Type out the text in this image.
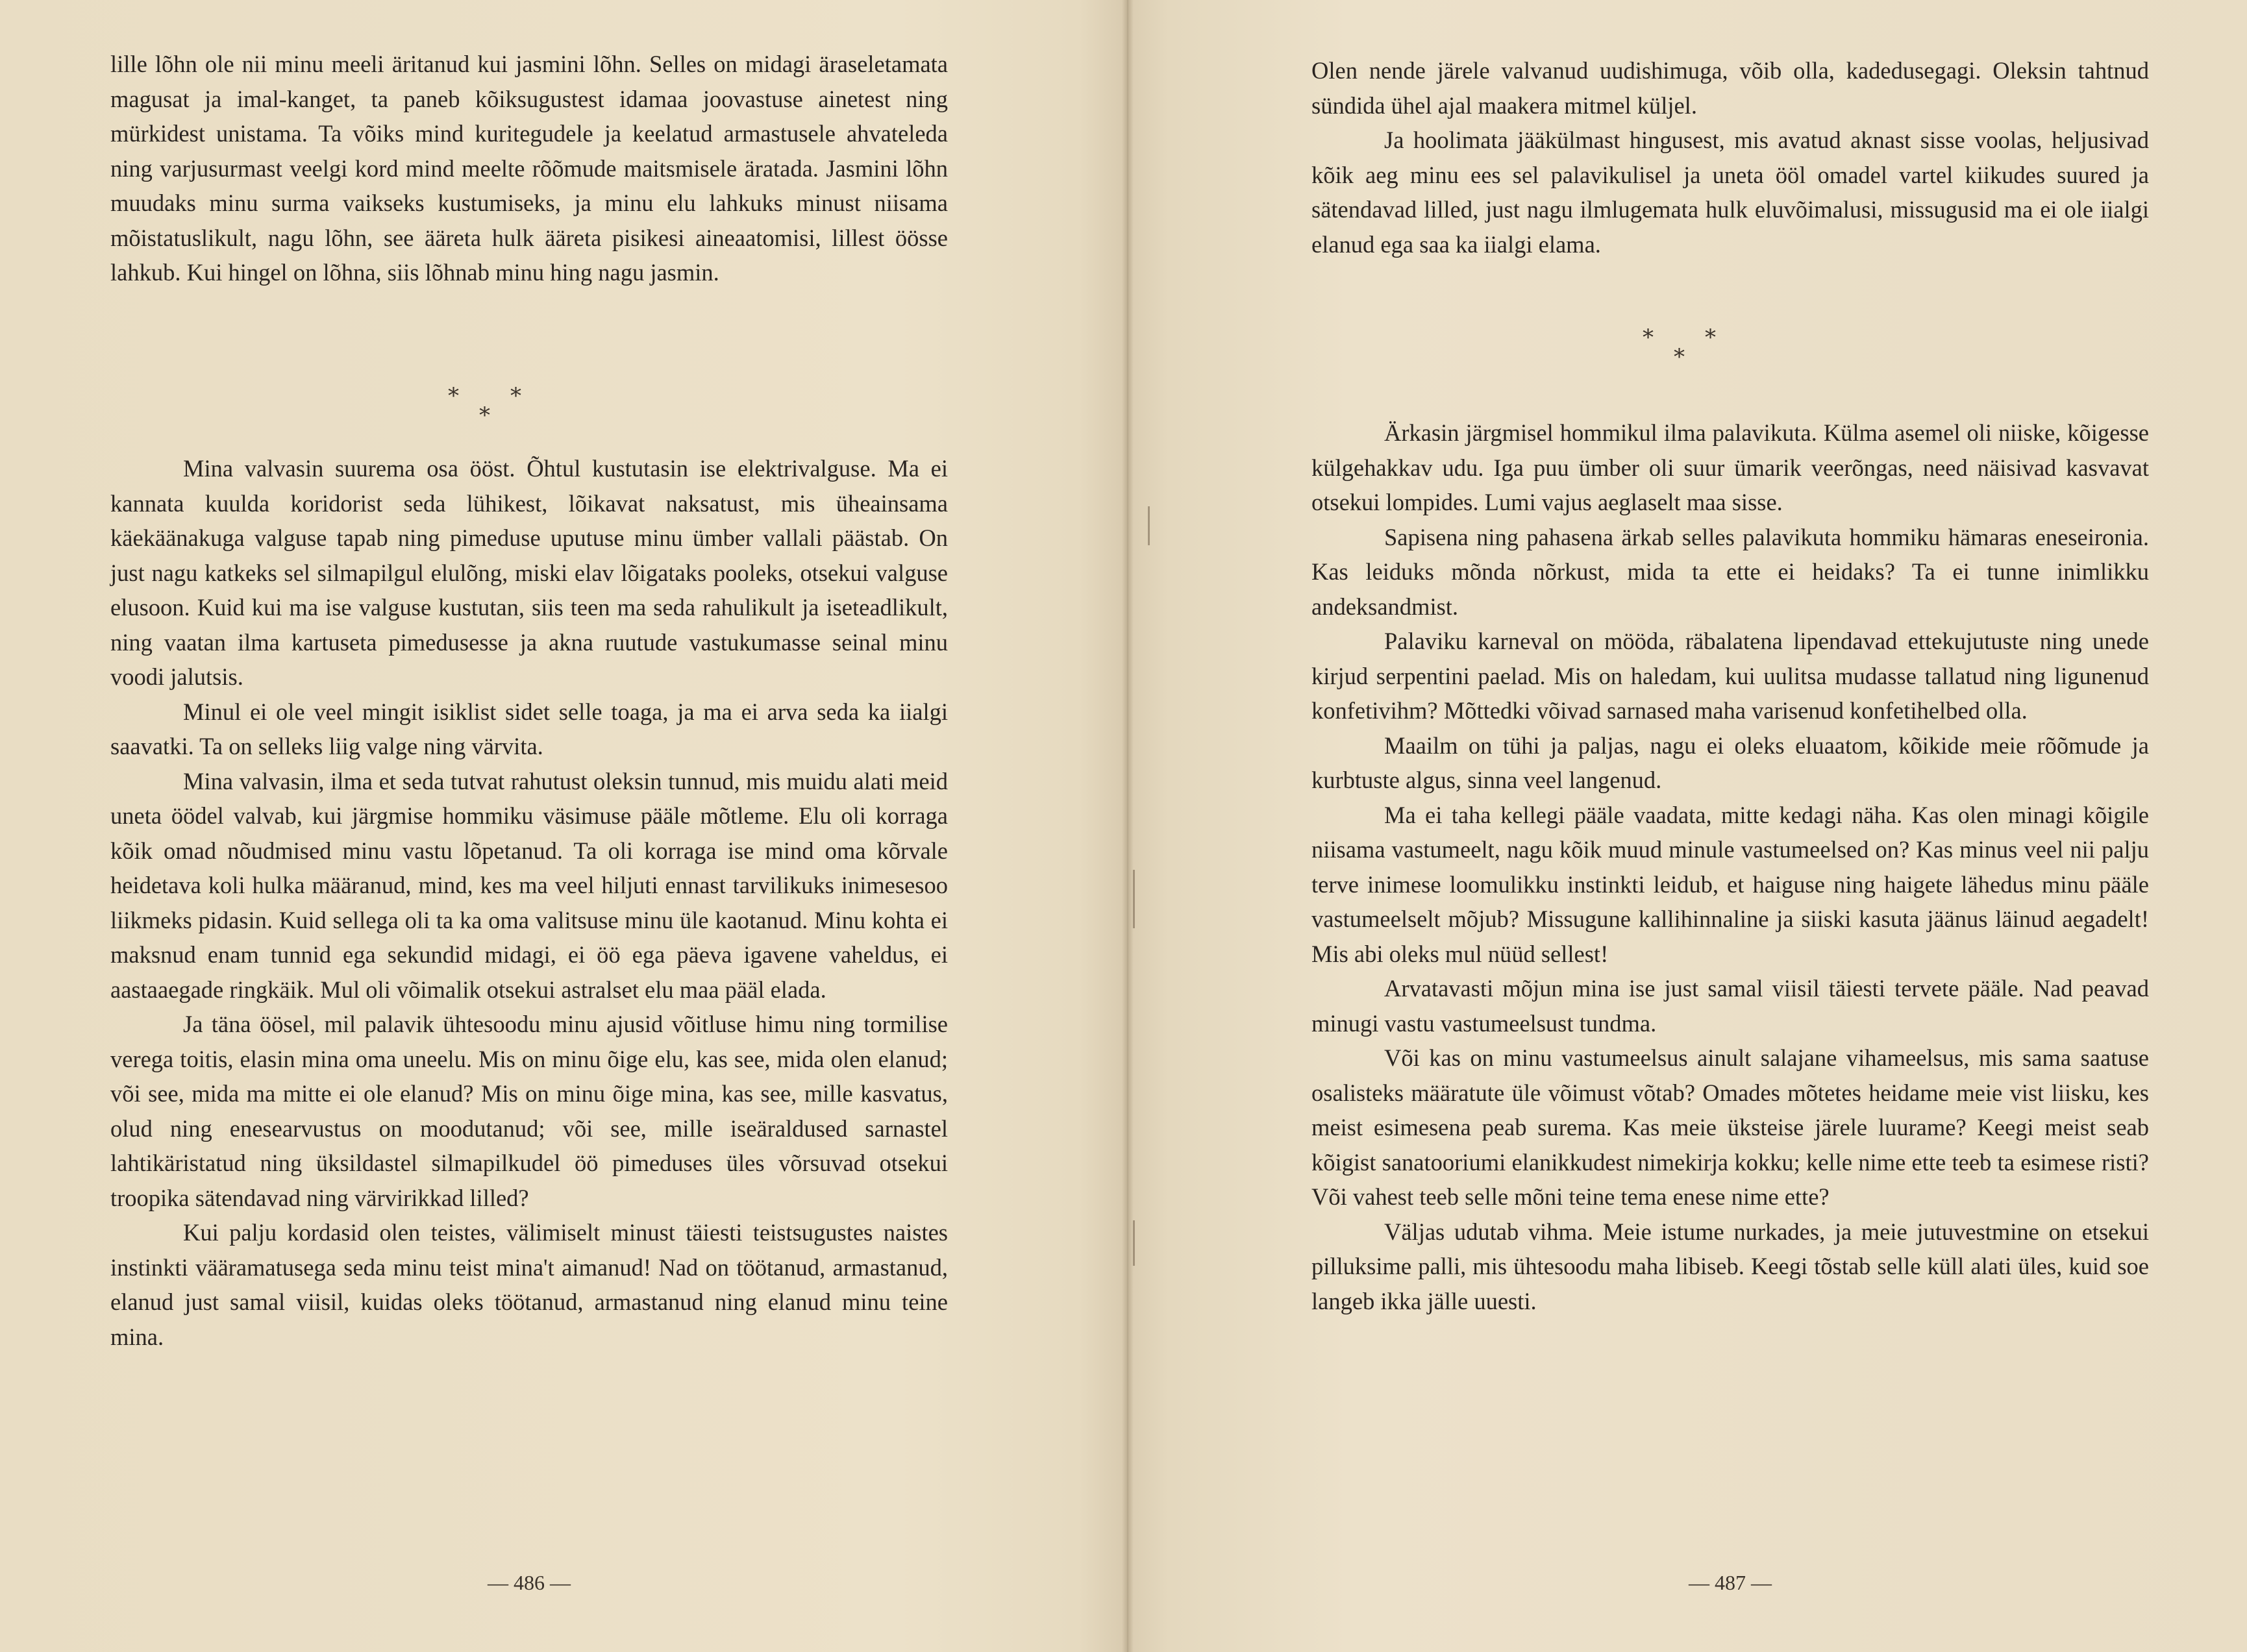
lille lõhn ole nii minu meeli äritanud kui jasmini lõhn. Selles on midagi äraseletamata magusat ja imal-kanget, ta paneb kõiksugustest idamaa joovastuse ainetest ning mürkidest unistama. Ta võiks mind kuritegudele ja keelatud armastusele ahvateleda ning varjusurmast veelgi kord mind meelte rõõmude maitsmisele äratada. Jasmini lõhn muudaks minu surma vaikseks kustumiseks, ja minu elu lahkuks minust niisama mõistatuslikult, nagu lõhn, see ääreta hulk ääreta pisikesi aineaatomisi, lillest öösse lahkub. Kui hingel on lõhna, siis lõhnab minu hing nagu jasmin.

* *
*

Mina valvasin suurema osa ööst. Õhtul kustutasin ise elektrivalguse. Ma ei kannata kuulda koridorist seda lühikest, lõikavat naksatust, mis üheainsama käekäänakuga valguse tapab ning pimeduse uputuse minu ümber vallali päästab. On just nagu katkeks sel silmapilgul elulõng, miski elav lõigataks pooleks, otsekui valguse elusoon. Kuid kui ma ise valguse kustutan, siis teen ma seda rahulikult ja iseteadlikult, ning vaatan ilma kartuseta pimedusesse ja akna ruutude vastukumasse seinal minu voodi jalutsis.

Minul ei ole veel mingit isiklist sidet selle toaga, ja ma ei arva seda ka iialgi saavatki. Ta on selleks liig valge ning värvita.

Mina valvasin, ilma et seda tutvat rahutust oleksin tunnud, mis muidu alati meid uneta öödel valvab, kui järgmise hommiku väsimuse pääle mõtleme. Elu oli korraga kõik omad nõudmised minu vastu lõpetanud. Ta oli korraga ise mind oma kõrvale heidetava koli hulka määranud, mind, kes ma veel hiljuti ennast tarvilikuks inimesesoo liikmeks pidasin. Kuid sellega oli ta ka oma valitsuse minu üle kaotanud. Minu kohta ei maksnud enam tunnid ega sekundid midagi, ei öö ega päeva igavene vaheldus, ei aastaaegade ringkäik. Mul oli võimalik otsekui astralset elu maa pääl elada.

Ja täna öösel, mil palavik ühtesoodu minu ajusid võitluse himu ning tormilise verega toitis, elasin mina oma uneelu. Mis on minu õige elu, kas see, mida olen elanud; või see, mida ma mitte ei ole elanud? Mis on minu õige mina, kas see, mille kasvatus, olud ning enesearvustus on moodutanud; või see, mille iseäraldused sarnastel lahtikäristatud ning üksildastel silmapilkudel öö pimeduses üles võrsuvad otsekui troopika sätendavad ning värvirikkad lilled?

Kui palju kordasid olen teistes, välimiselt minust täiesti teistsugustes naistes instinkti vääramatusega seda minu teist mina't aimanud! Nad on töötanud, armastanud, elanud just samal viisil, kuidas oleks töötanud, armastanud ning elanud minu teine mina.

— 486 —

Olen nende järele valvanud uudishimuga, võib olla, kadedusegagi. Oleksin tahtnud sündida ühel ajal maakera mitmel küljel.

Ja hoolimata jääkülmast hingusest, mis avatud aknast sisse voolas, heljusivad kõik aeg minu ees sel palavikulisel ja uneta ööl omadel vartel kiikudes suured ja sätendavad lilled, just nagu ilmlugemata hulk eluvõimalusi, missugusid ma ei ole iialgi elanud ega saa ka iialgi elama.

* *
*

Ärkasin järgmisel hommikul ilma palavikuta. Külma asemel oli niiske, kõigesse külgehakkav udu. Iga puu ümber oli suur ümarik veerõngas, need näisivad kasvavat otsekui lompides. Lumi vajus aeglaselt maa sisse.

Sapisena ning pahasena ärkab selles palavikuta hommiku hämaras eneseironia. Kas leiduks mõnda nõrkust, mida ta ette ei heidaks? Ta ei tunne inimlikku andeksandmist.

Palaviku karneval on mööda, räbalatena lipendavad ettekujutuste ning unede kirjud serpentini paelad. Mis on haledam, kui uulitsa mudasse tallatud ning ligunenud konfetivihm? Mõttedki võivad sarnased maha varisenud konfetihelbed olla.

Maailm on tühi ja paljas, nagu ei oleks eluaatom, kõikide meie rõõmude ja kurbtuste algus, sinna veel langenud.

Ma ei taha kellegi pääle vaadata, mitte kedagi näha. Kas olen minagi kõigile niisama vastumeelt, nagu kõik muud minule vastumeelsed on? Kas minus veel nii palju terve inimese loomulikku instinkti leidub, et haiguse ning haigete lähedus minu pääle vastumeelselt mõjub? Missugune kallihinnaline ja siiski kasuta jäänus läinud aegadelt! Mis abi oleks mul nüüd sellest!

Arvatavasti mõjun mina ise just samal viisil täiesti tervete pääle. Nad peavad minugi vastu vastumeelsust tundma.

Või kas on minu vastumeelsus ainult salajane vihameelsus, mis sama saatuse osalisteks määratute üle võimust võtab? Omades mõtetes heidame meie vist liisku, kes meist esimesena peab surema. Kas meie üksteise järele luurame? Keegi meist seab kõigist sanatooriumi elanikkudest nimekirja kokku; kelle nime ette teeb ta esimese risti? Või vahest teeb selle mõni teine tema enese nime ette?

Väljas udutab vihma. Meie istume nurkades, ja meie jutuvestmine on etsekui pilluksime palli, mis ühtesoodu maha libiseb. Keegi tõstab selle küll alati üles, kuid soe langeb ikka jälle uuesti.

— 487 —
